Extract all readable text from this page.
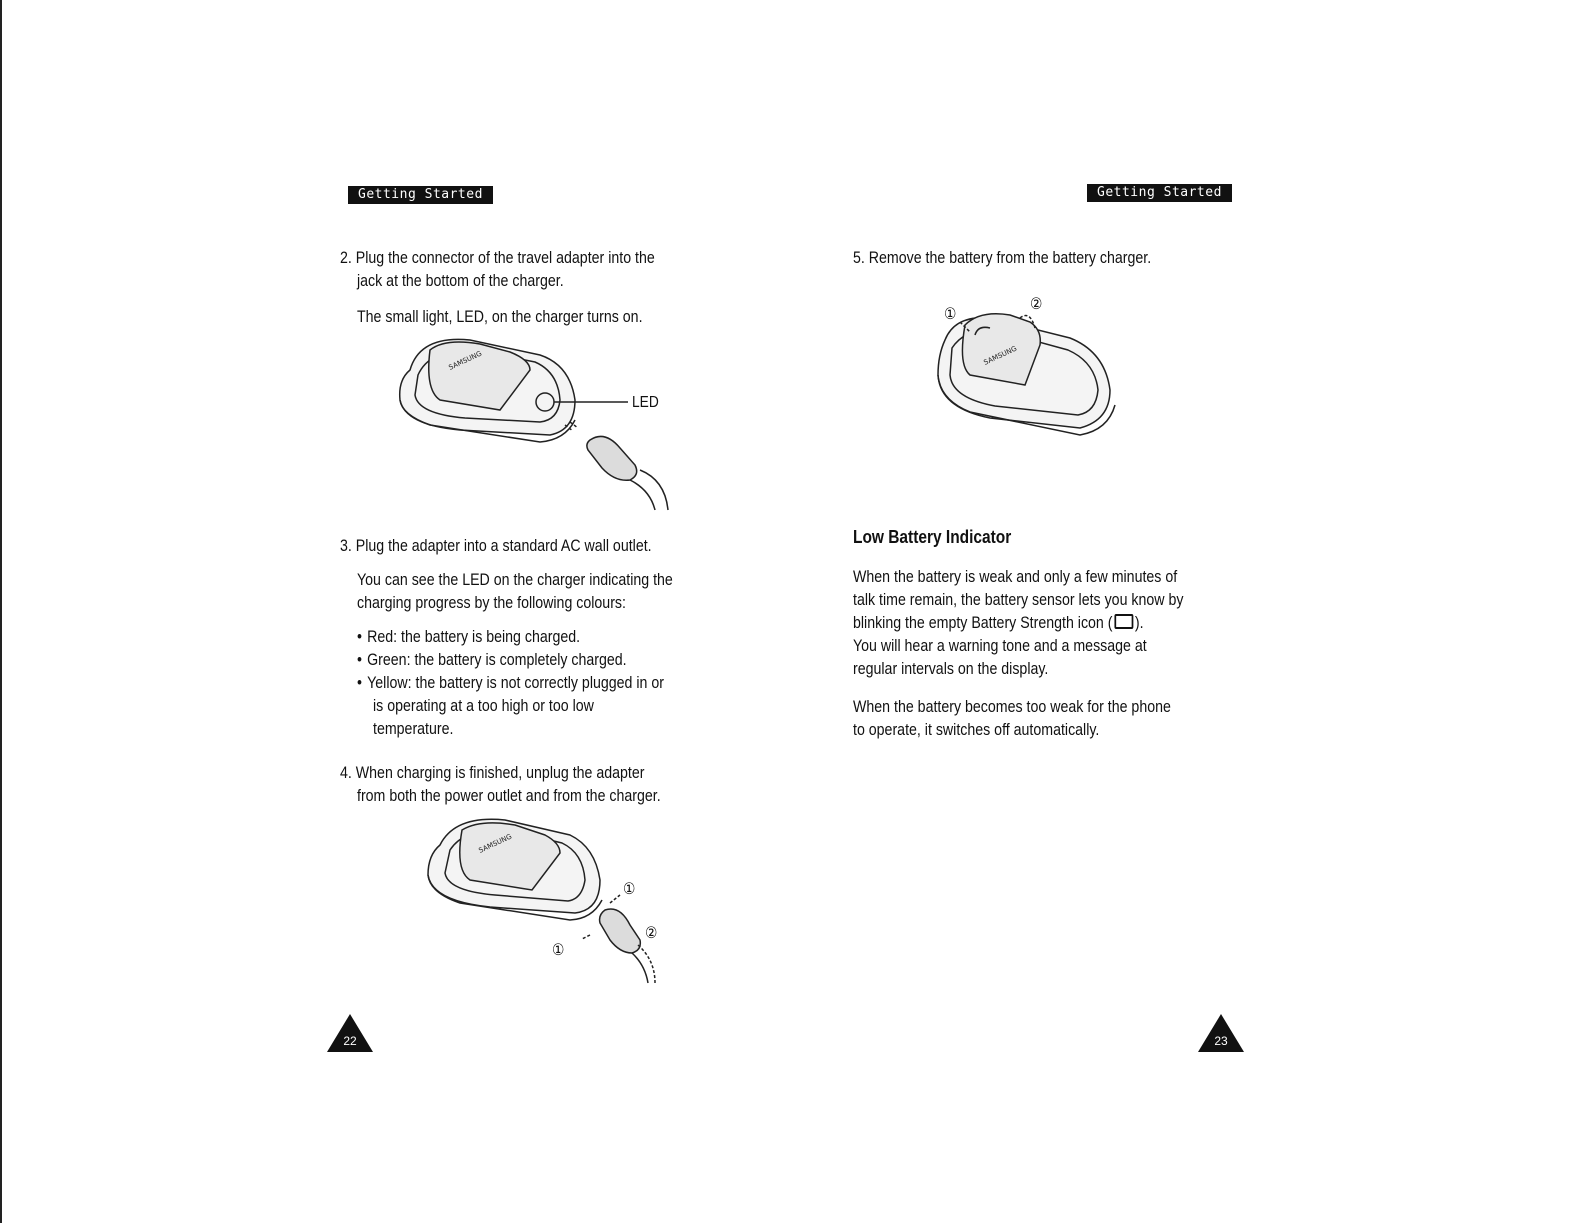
Getting Started
2. Plug the connector of the travel adapter into the
jack at the bottom of the charger.
The small light, LED, on the charger turns on.
SAMSUNG
LED
3. Plug the adapter into a standard AC wall outlet.
You can see the LED on the charger indicating the
charging progress by the following colours:
• Red: the battery is being charged.
• Green: the battery is completely charged.
• Yellow: the battery is not correctly plugged in or
is operating at a too high or too low
temperature.
4. When charging is finished, unplug the adapter
from both the power outlet and from the charger.
SAMSUNG
①
②
①
22
Getting Started
5. Remove the battery from the battery charger.
SAMSUNG
①
②
Low Battery Indicator
When the battery is weak and only a few minutes of
talk time remain, the battery sensor lets you know by
blinking the empty Battery Strength icon ( ).
You will hear a warning tone and a message at
regular intervals on the display.
When the battery becomes too weak for the phone
to operate, it switches off automatically.
23
